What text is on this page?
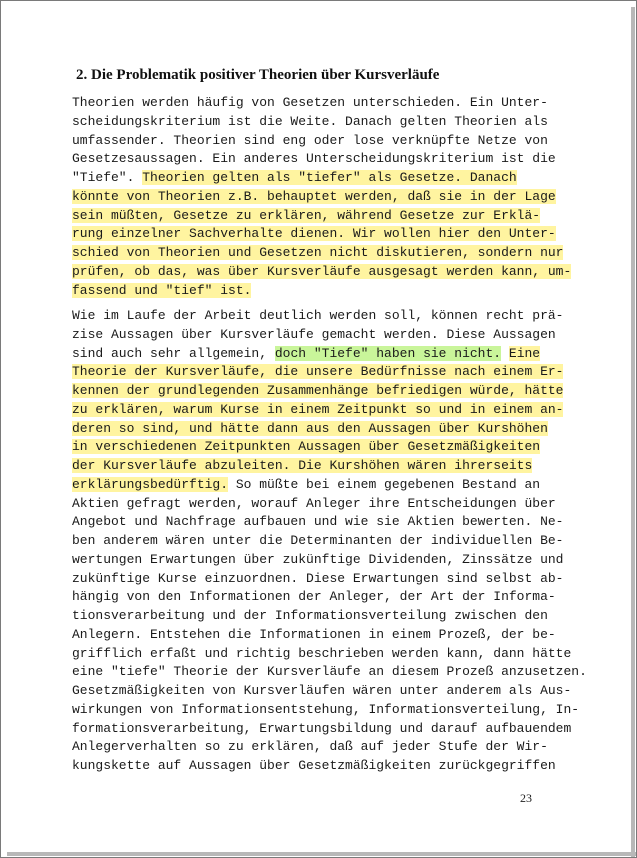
2. Die Problematik positiver Theorien über Kursverläufe
Theorien werden häufig von Gesetzen unterschieden. Ein Unter-
scheidungskriterium ist die Weite. Danach gelten Theorien als
umfassender. Theorien sind eng oder lose verknüpfte Netze von
Gesetzesaussagen. Ein anderes Unterscheidungskriterium ist die
"Tiefe". Theorien gelten als "tiefer" als Gesetze. Danach
könnte von Theorien z.B. behauptet werden, daß sie in der Lage
sein müßten, Gesetze zu erklären, während Gesetze zur Erklä-
rung einzelner Sachverhalte dienen. Wir wollen hier den Unter-
schied von Theorien und Gesetzen nicht diskutieren, sondern nur
prüfen, ob das, was über Kursverläufe ausgesagt werden kann, um-
fassend und "tief" ist.
Wie im Laufe der Arbeit deutlich werden soll, können recht prä-
zise Aussagen über Kursverläufe gemacht werden. Diese Aussagen
sind auch sehr allgemein, doch "Tiefe" haben sie nicht. Eine
Theorie der Kursverläufe, die unsere Bedürfnisse nach einem Er-
kennen der grundlegenden Zusammenhänge befriedigen würde, hätte
zu erklären, warum Kurse in einem Zeitpunkt so und in einem an-
deren so sind, und hätte dann aus den Aussagen über Kurshöhen
in verschiedenen Zeitpunkten Aussagen über Gesetzmäßigkeiten
der Kursverläufe abzuleiten. Die Kurshöhen wären ihrerseits
erklärungsbedürftig. So müßte bei einem gegebenen Bestand an
Aktien gefragt werden, worauf Anleger ihre Entscheidungen über
Angebot und Nachfrage aufbauen und wie sie Aktien bewerten. Ne-
ben anderem wären unter die Determinanten der individuellen Be-
wertungen Erwartungen über zukünftige Dividenden, Zinssätze und
zukünftige Kurse einzuordnen. Diese Erwartungen sind selbst ab-
hängig von den Informationen der Anleger, der Art der Informa-
tionsverarbeitung und der Informationsverteilung zwischen den
Anlegern. Entstehen die Informationen in einem Prozeß, der be-
grifflich erfaßt und richtig beschrieben werden kann, dann hätte
eine "tiefe" Theorie der Kursverläufe an diesem Prozeß anzusetzen.
Gesetzmäßigkeiten von Kursverläufen wären unter anderem als Aus-
wirkungen von Informationsentstehung, Informationsverteilung, In-
formationsverarbeitung, Erwartungsbildung und darauf aufbauendem
Anlegerverhalten so zu erklären, daß auf jeder Stufe der Wir-
kungskette auf Aussagen über Gesetzmäßigkeiten zurückgegriffen
23
